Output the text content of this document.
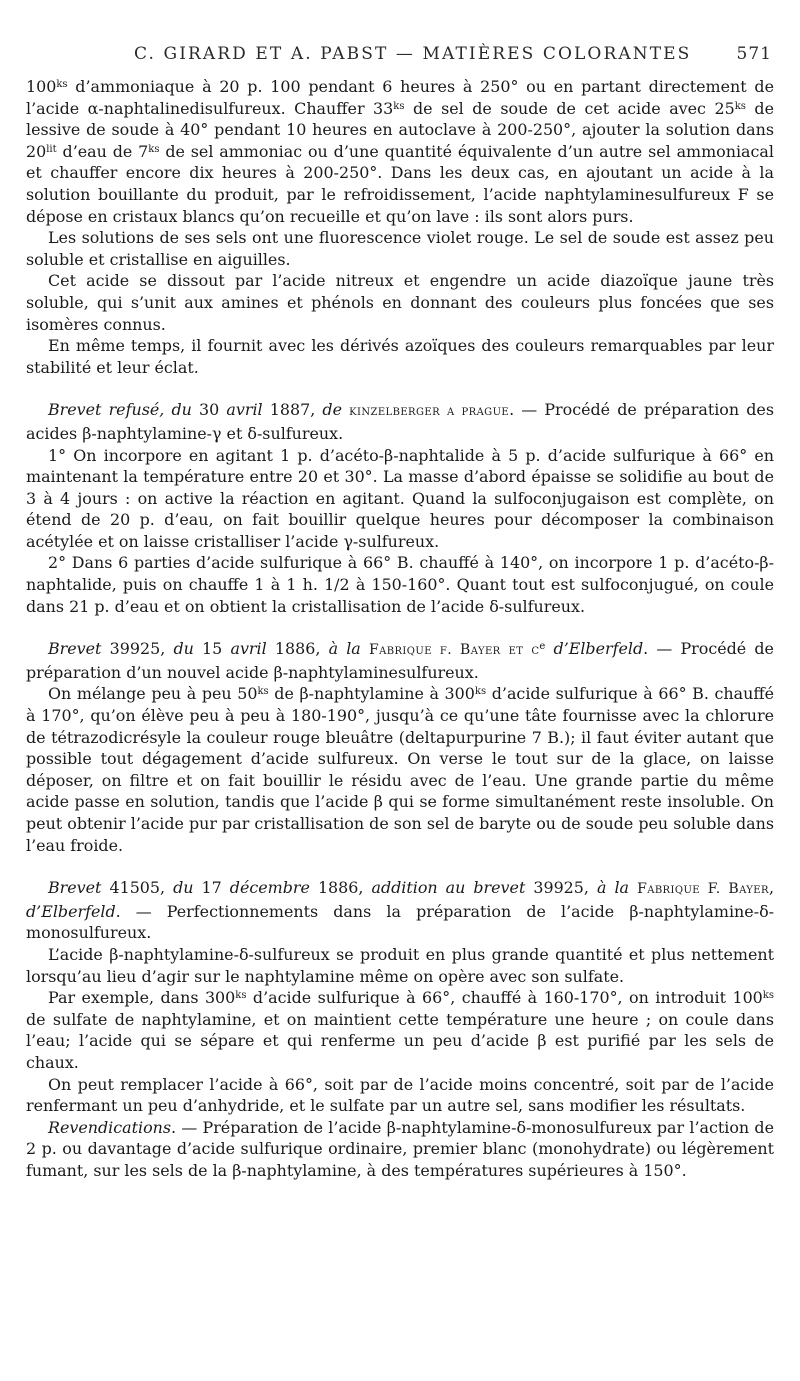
C. GIRARD ET A. PABST — MATIÈRES COLORANTES	571

$100^{ks}$ d’ammoniaque à 20 p. 100 pendant 6 heures à 250° ou en partant directement de l’acide α-naphtalinedisulfureux. Chauffer $33^{ks}$ de sel de soude de cet acide avec $25^{ks}$ de lessive de soude à 40° pendant 10 heures en autoclave à 200-250°, ajouter la solution dans $20^{lit}$ d’eau de $7^{ks}$ de sel ammoniac ou d’une quantité équivalente d’un autre sel ammoniacal et chauffer encore dix heures à 200-250°. Dans les deux cas, en ajoutant un acide à la solution bouillante du produit, par le refroidissement, l’acide naphtylaminesulfureux F se dépose en cristaux blancs qu’on recueille et qu’on lave : ils sont alors purs.

Les solutions de ses sels ont une fluorescence violet rouge. Le sel de soude est assez peu soluble et cristallise en aiguilles.

Cet acide se dissout par l’acide nitreux et engendre un acide diazoïque jaune très soluble, qui s’unit aux amines et phénols en donnant des couleurs plus foncées que ses isomères connus.

En même temps, il fournit avec les dérivés azoïques des couleurs remarquables par leur stabilité et leur éclat.

Brevet refusé, du 30 avril 1887, de kinzelberger a prague. — Procédé de préparation des acides β-naphtylamine-γ et δ-sulfureux.

1° On incorpore en agitant 1 p. d’acéto-β-naphtalide à 5 p. d’acide sulfurique à 66° en maintenant la température entre 20 et 30°. La masse d’abord épaisse se solidifie au bout de 3 à 4 jours : on active la réaction en agitant. Quand la sulfoconjugaison est complète, on étend de 20 p. d’eau, on fait bouillir quelque heures pour décomposer la combinaison acétylée et on laisse cristalliser l’acide γ-sulfureux.

2° Dans 6 parties d’acide sulfurique à 66° B. chauffé à 140°, on incorpore 1 p. d’acéto-β-naphtalide, puis on chauffe 1 à 1 h. 1/2 à 150-160°. Quant tout est sulfoconjugué, on coule dans 21 p. d’eau et on obtient la cristallisation de l’acide δ-sulfureux.

Brevet 39925, du 15 avril 1886, à la Fabrique f. Bayer et $c^e$ d’Elberfeld. — Procédé de préparation d’un nouvel acide β-naphtylaminesulfureux.

On mélange peu à peu $50^{ks}$ de β-naphtylamine à $300^{ks}$ d’acide sulfurique à 66° B. chauffé à 170°, qu’on élève peu à peu à 180-190°, jusqu’à ce qu’une tâte fournisse avec la chlorure de tétrazodicrésyle la couleur rouge bleuâtre (deltapurpurine 7 B.); il faut éviter autant que possible tout dégagement d’acide sulfureux. On verse le tout sur de la glace, on laisse déposer, on filtre et on fait bouillir le résidu avec de l’eau. Une grande partie du même acide passe en solution, tandis que l’acide β qui se forme simultanément reste insoluble. On peut obtenir l’acide pur par cristallisation de son sel de baryte ou de soude peu soluble dans l’eau froide.

Brevet 41505, du 17 décembre 1886, addition au brevet 39925, à la Fabrique F. Bayer, d’Elberfeld. — Perfectionnements dans la préparation de l’acide β-naphtylamine-δ-monosulfureux.

L’acide β-naphtylamine-δ-sulfureux se produit en plus grande quantité et plus nettement lorsqu’au lieu d’agir sur le naphtylamine même on opère avec son sulfate.

Par exemple, dans $300^{ks}$ d’acide sulfurique à 66°, chauffé à 160-170°, on introduit $100^{ks}$ de sulfate de naphtylamine, et on maintient cette température une heure ; on coule dans l’eau; l’acide qui se sépare et qui renferme un peu d’acide β est purifié par les sels de chaux.

On peut remplacer l’acide à 66°, soit par de l’acide moins concentré, soit par de l’acide renfermant un peu d’anhydride, et le sulfate par un autre sel, sans modifier les résultats.

Revendications. — Préparation de l’acide β-naphtylamine-δ-monosulfureux par l’action de 2 p. ou davantage d’acide sulfurique ordinaire, premier blanc (monohydrate) ou légèrement fumant, sur les sels de la β-naphtylamine, à des températures supérieures à 150°.
